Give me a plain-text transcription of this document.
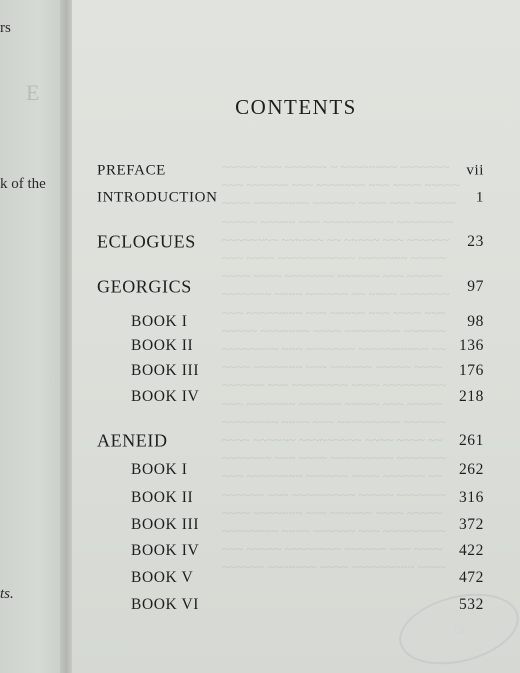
rs
E
k of the
ts.
~~~~~ ~~~ ~~~~~~ ~ ~~~~~~~~ ~~~~~~~
~~~ ~~~~~~ ~~~ ~~~~~~~ ~~~ ~~~~ ~~~~~
~~~~ ~~~~~~~~ ~~~~~~ ~~~~ ~~~ ~~~~~~
~~~~~ ~~~~~ ~~~ ~~~~~~~~~~ ~~~~~~~~
~~~~~~~~ ~~~~~~ ~~ ~~~~~ ~~~ ~~~~~~
~~~ ~~~~ ~~~~~~~~~~~ ~~~~~~~ ~~~~~
~~~~ ~~~~ ~~~~~~~ ~~~~~~ ~~~ ~~~~~
~~~~~~~ ~~~~ ~~~~~~ ~~ ~~~~ ~~~~~~~
~~~ ~~~~~~~~ ~~~ ~~~~~ ~~~ ~~~~ ~~~
~~~~~ ~~~~~~~ ~~~~ ~~~~~~~~ ~~~~~~
~~~~~~~~ ~~~ ~~~~~~~ ~~~~~~~~~~ ~~
~~~~ ~~~~~~~ ~~~ ~~~~~~ ~~~~~ ~~~~
~~~~~~ ~~~ ~~~~~~~~ ~~~~ ~~~~~~~~~
~~~ ~~~~~~~ ~~~~~~ ~~~~~ ~~~ ~~~~~
~~~~~~~~ ~~~~ ~~~ ~~~~~~~~~ ~~~~~~
~~~~ ~~~~~~ ~~~~~~~~~ ~~~~ ~~~~ ~~
~~~~~~~ ~~~ ~~~~ ~~~~~~~~~ ~~~~~~~
~~~ ~~~~~~~~ ~~~~~~ ~~~~ ~~~~~~ ~~
~~~~~~ ~~~ ~~~~~~~~~ ~~~~~ ~~~~~~~
~~~~ ~~~~~~~ ~~~ ~~~~~~ ~~~~ ~~~~~
~~~~~~~~ ~~~~ ~~~~~~ ~~~ ~~~~~~~~~
~~~ ~~~~~ ~~~~~~~~ ~~~~~~ ~~~ ~~~~
~~~~~~ ~~~~~~~ ~~~~ ~~~~~~~~~ ~~~~
CONTENTS
PREFACE	vii
INTRODUCTION	1
ECLOGUES	23
GEORGICS	97
BOOK I	98
BOOK II	136
BOOK III	176
BOOK IV	218
AENEID	261
BOOK I	262
BOOK II	316
BOOK III	372
BOOK IV	422
BOOK V	472
BOOK VI	532
○
